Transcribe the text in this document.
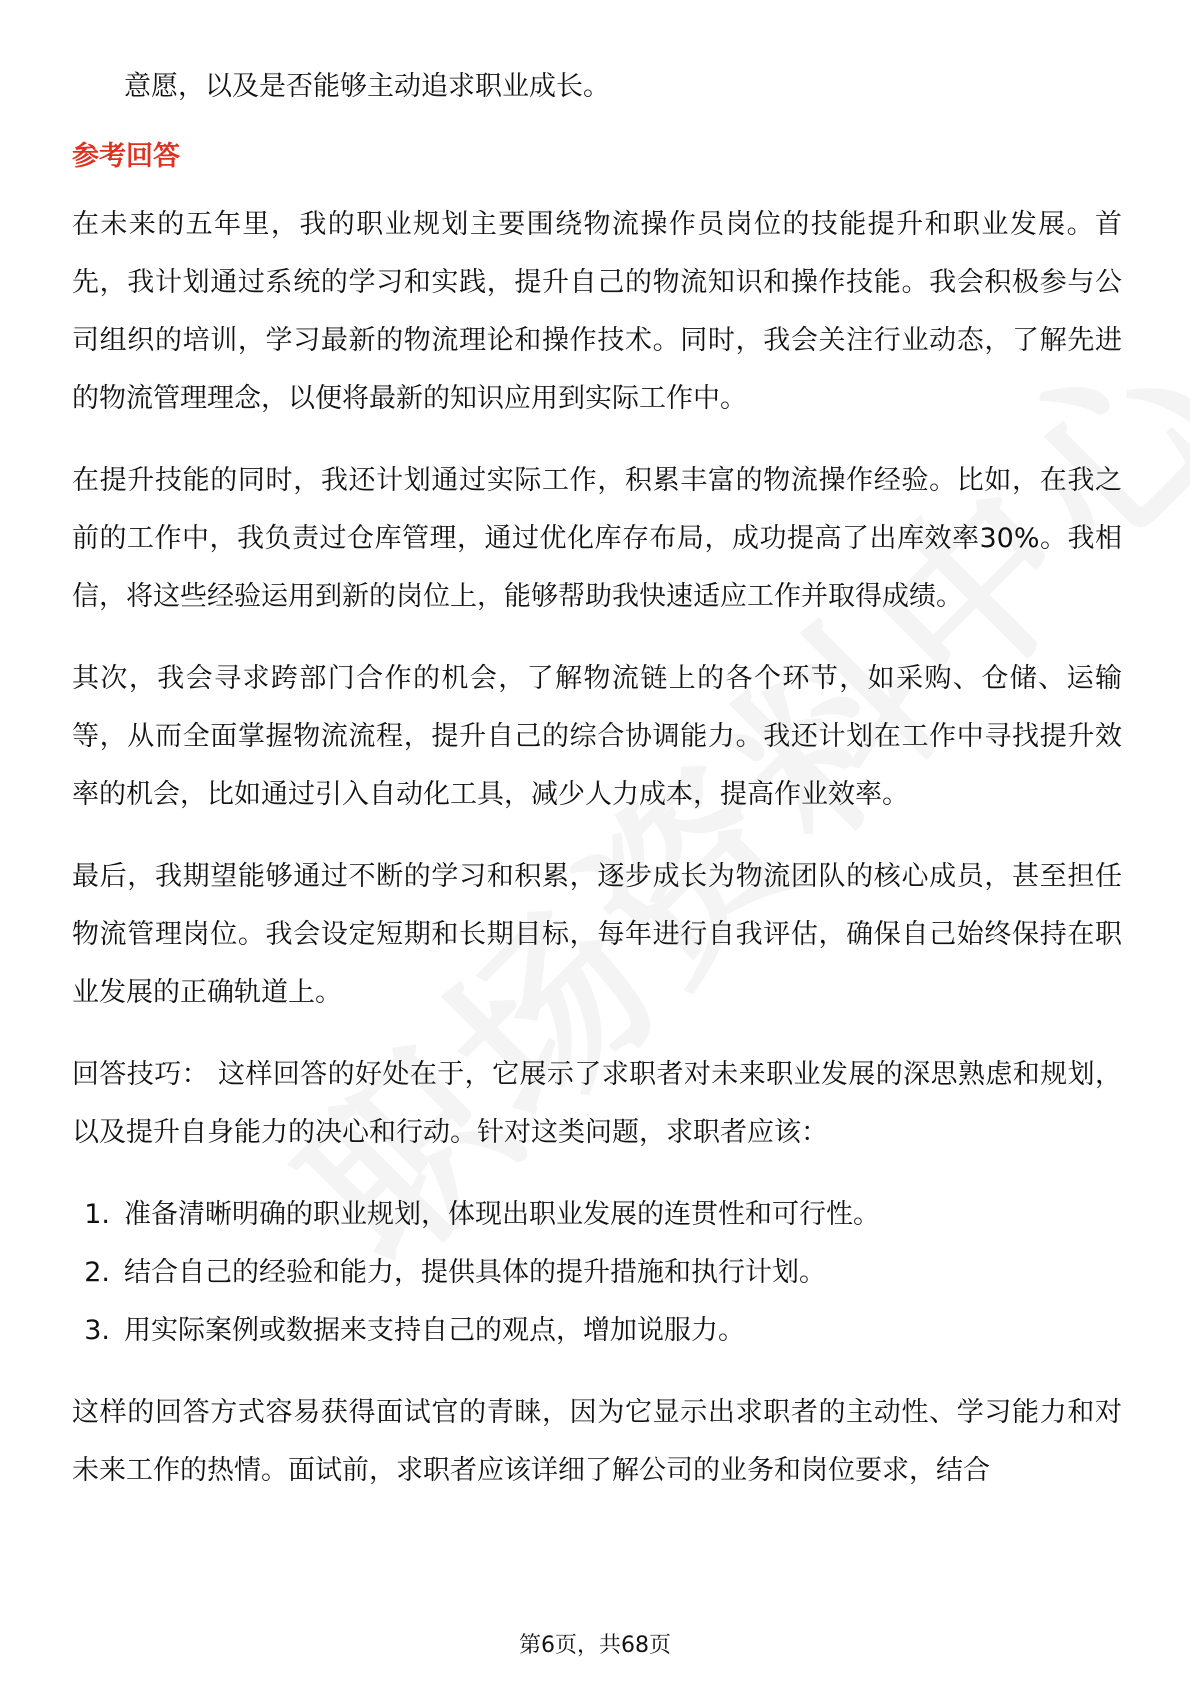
意愿，以及是否能够主动追求职业成长。

参考回答

在未来的五年里，我的职业规划主要围绕物流操作员岗位的技能提升和职业发展。首先，我计划通过系统的学习和实践，提升自己的物流知识和操作技能。我会积极参与公司组织的培训，学习最新的物流理论和操作技术。同时，我会关注行业动态，了解先进的物流管理理念，以便将最新的知识应用到实际工作中。

在提升技能的同时，我还计划通过实际工作，积累丰富的物流操作经验。比如，在我之前的工作中，我负责过仓库管理，通过优化库存布局，成功提高了出库效率30%。我相信，将这些经验运用到新的岗位上，能够帮助我快速适应工作并取得成绩。

其次，我会寻求跨部门合作的机会，了解物流链上的各个环节，如采购、仓储、运输等，从而全面掌握物流流程，提升自己的综合协调能力。我还计划在工作中寻找提升效率的机会，比如通过引入自动化工具，减少人力成本，提高作业效率。

最后，我期望能够通过不断的学习和积累，逐步成长为物流团队的核心成员，甚至担任物流管理岗位。我会设定短期和长期目标，每年进行自我评估，确保自己始终保持在职业发展的正确轨道上。

回答技巧： 这样回答的好处在于，它展示了求职者对未来职业发展的深思熟虑和规划，以及提升自身能力的决心和行动。针对这类问题，求职者应该：

1. 准备清晰明确的职业规划，体现出职业发展的连贯性和可行性。
2. 结合自己的经验和能力，提供具体的提升措施和执行计划。
3. 用实际案例或数据来支持自己的观点，增加说服力。

这样的回答方式容易获得面试官的青睐，因为它显示出求职者的主动性、学习能力和对未来工作的热情。面试前，求职者应该详细了解公司的业务和岗位要求，结合

第6页，共68页
